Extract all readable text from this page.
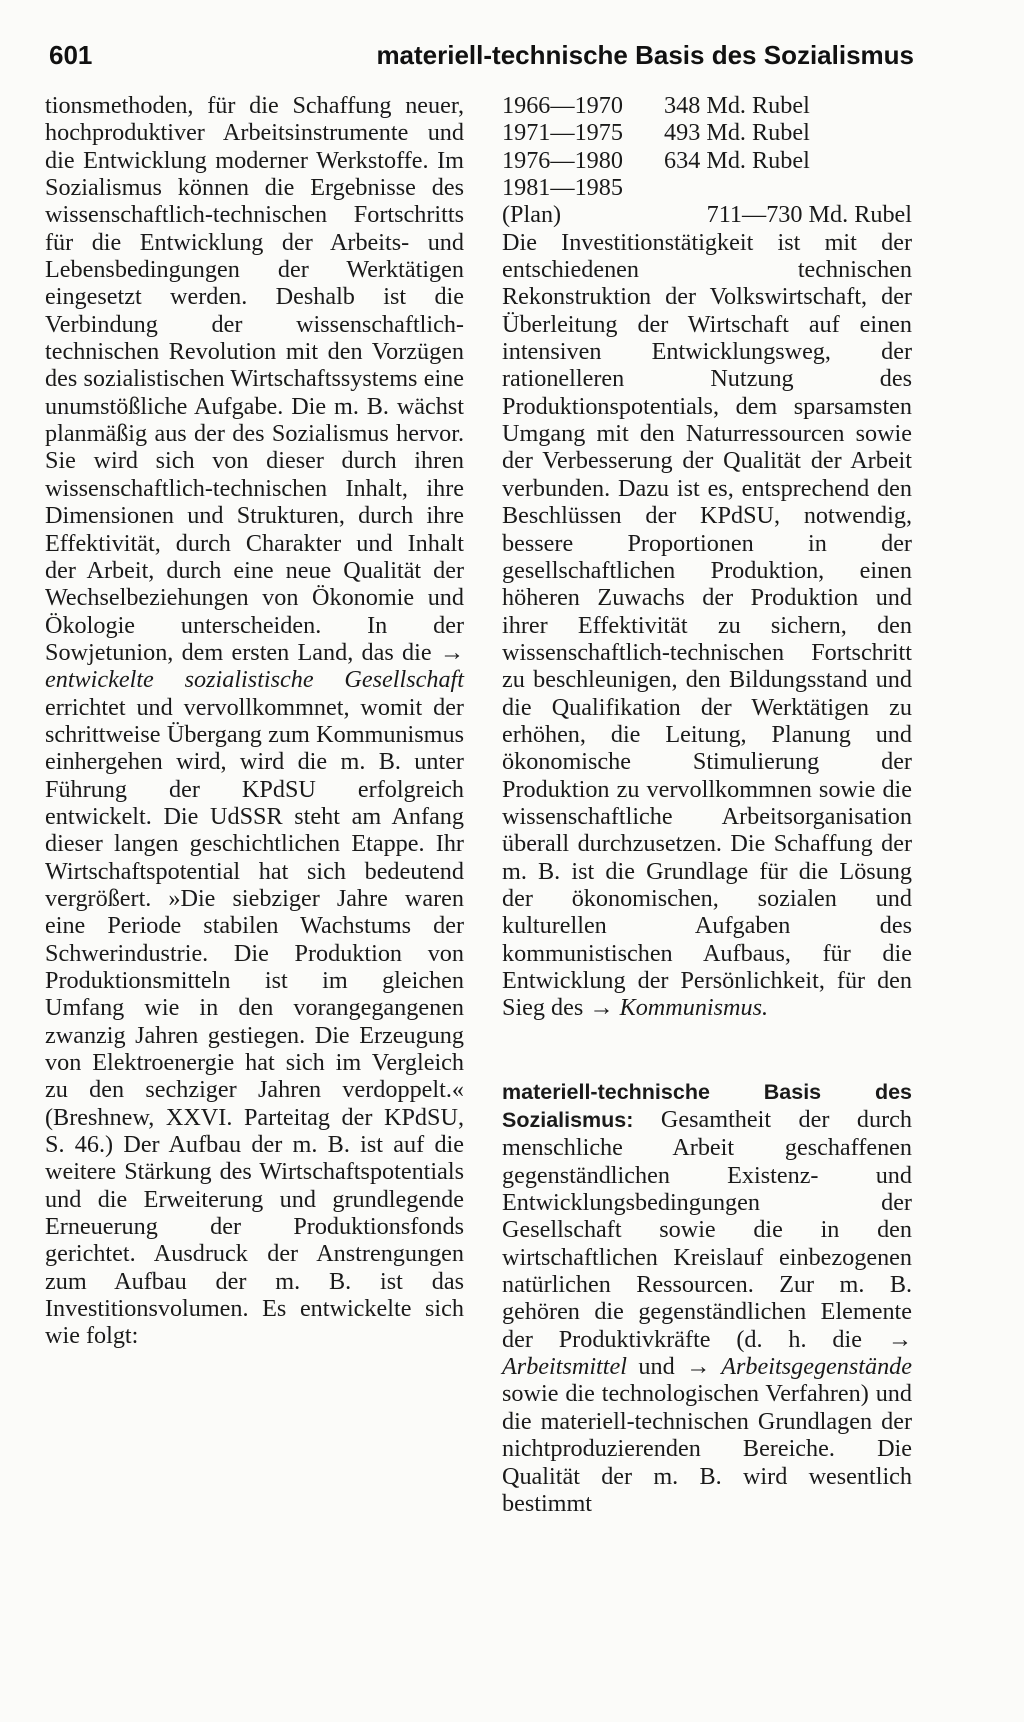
601	materiell-technische Basis des Sozialismus

tionsmethoden, für die Schaffung neuer, hochproduktiver Arbeitsinstrumente und die Entwicklung moderner Werkstoffe. Im Sozialismus können die Ergebnisse des wissenschaftlich-technischen Fortschritts für die Entwicklung der Arbeits- und Lebensbedingungen der Werktätigen eingesetzt werden. Deshalb ist die Verbindung der wissenschaftlich-technischen Revolution mit den Vorzügen des sozialistischen Wirtschaftssystems eine unumstößliche Aufgabe. Die m. B. wächst planmäßig aus der des Sozialismus hervor. Sie wird sich von dieser durch ihren wissenschaftlich-technischen Inhalt, ihre Dimensionen und Strukturen, durch ihre Effektivität, durch Charakter und Inhalt der Arbeit, durch eine neue Qualität der Wechselbeziehungen von Ökonomie und Ökologie unterscheiden. In der Sowjetunion, dem ersten Land, das die → entwickelte sozialistische Gesellschaft errichtet und vervollkommnet, womit der schrittweise Übergang zum Kommunismus einhergehen wird, wird die m. B. unter Führung der KPdSU erfolgreich entwickelt. Die UdSSR steht am Anfang dieser langen geschichtlichen Etappe. Ihr Wirtschaftspotential hat sich bedeutend vergrößert. »Die siebziger Jahre waren eine Periode stabilen Wachstums der Schwerindustrie. Die Produktion von Produktionsmitteln ist im gleichen Umfang wie in den vorangegangenen zwanzig Jahren gestiegen. Die Erzeugung von Elektroenergie hat sich im Vergleich zu den sechziger Jahren verdoppelt.« (Breshnew, XXVI. Parteitag der KPdSU, S. 46.) Der Aufbau der m. B. ist auf die weitere Stärkung des Wirtschaftspotentials und die Erweiterung und grundlegende Erneuerung der Produktionsfonds gerichtet. Ausdruck der Anstrengungen zum Aufbau der m. B. ist das Investitionsvolumen. Es entwickelte sich wie folgt:

1966—1970	348 Md. Rubel
1971—1975	493 Md. Rubel
1976—1980	634 Md. Rubel
1981—1985	
(Plan)	711—730 Md. Rubel

Die Investitionstätigkeit ist mit der entschiedenen technischen Rekonstruktion der Volkswirtschaft, der Überleitung der Wirtschaft auf einen intensiven Entwicklungsweg, der rationelleren Nutzung des Produktionspotentials, dem sparsamsten Umgang mit den Naturressourcen sowie der Verbesserung der Qualität der Arbeit verbunden. Dazu ist es, entsprechend den Beschlüssen der KPdSU, notwendig, bessere Proportionen in der gesellschaftlichen Produktion, einen höheren Zuwachs der Produktion und ihrer Effektivität zu sichern, den wissenschaftlich-technischen Fortschritt zu beschleunigen, den Bildungsstand und die Qualifikation der Werktätigen zu erhöhen, die Leitung, Planung und ökonomische Stimulierung der Produktion zu vervollkommnen sowie die wissenschaftliche Arbeitsorganisation überall durchzusetzen. Die Schaffung der m. B. ist die Grundlage für die Lösung der ökonomischen, sozialen und kulturellen Aufgaben des kommunistischen Aufbaus, für die Entwicklung der Persönlichkeit, für den Sieg des → Kommunismus.

materiell-technische Basis des Sozialismus: Gesamtheit der durch menschliche Arbeit geschaffenen gegenständlichen Existenz- und Entwicklungsbedingungen der Gesellschaft sowie die in den wirtschaftlichen Kreislauf einbezogenen natürlichen Ressourcen. Zur m. B. gehören die gegenständlichen Elemente der Produktivkräfte (d. h. die → Arbeitsmittel und → Arbeitsgegenstände sowie die technologischen Verfahren) und die materiell-technischen Grundlagen der nichtproduzierenden Bereiche. Die Qualität der m. B. wird wesentlich bestimmt
